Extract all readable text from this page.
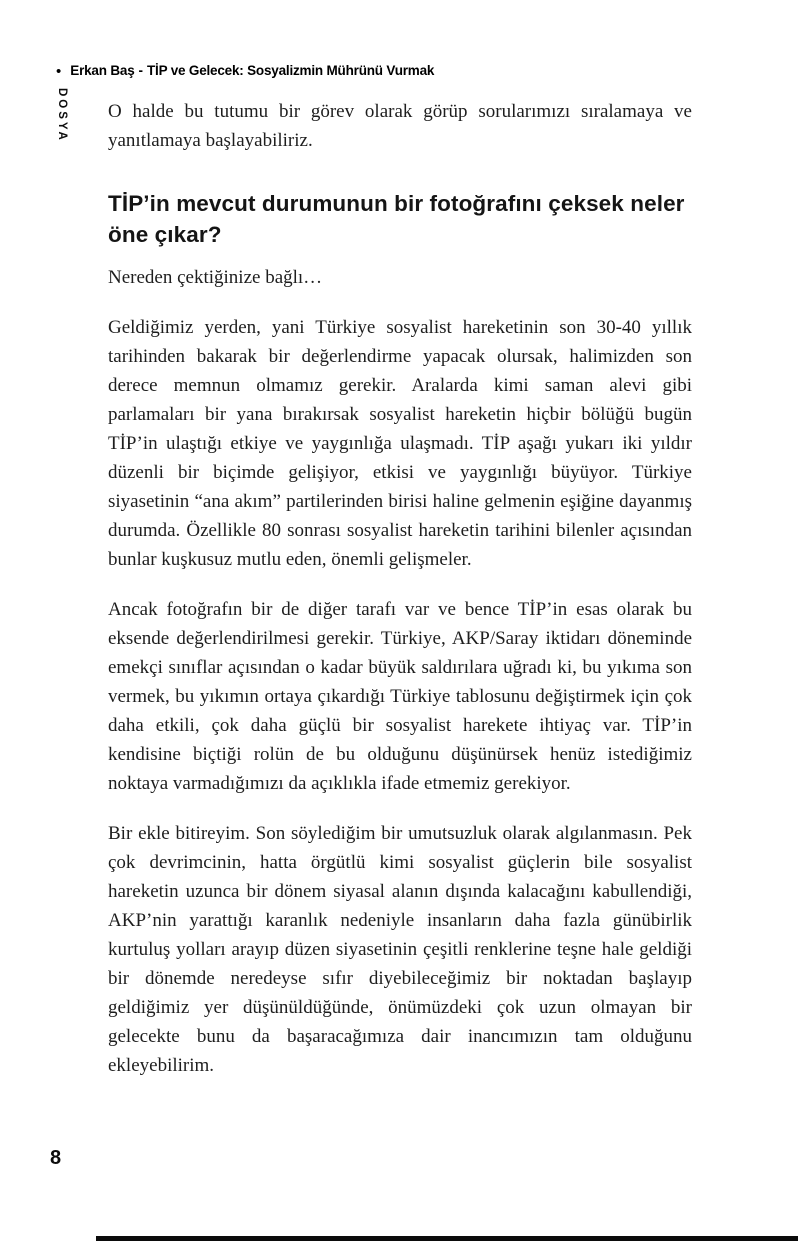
• Erkan Baş - TİP ve Gelecek: Sosyalizmin Mührünü Vurmak
DOSYA O halde bu tutumu bir görev olarak görüp sorularımızı sıralamaya ve yanıtlamaya başlayabiliriz.

TİP’in mevcut durumunun bir fotoğrafını çeksek neler öne çıkar?

Nereden çektiğinize bağlı…

Geldiğimiz yerden, yani Türkiye sosyalist hareketinin son 30-40 yıllık tarihinden bakarak bir değerlendirme yapacak olursak, halimizden son derece memnun olmamız gerekir. Aralarda kimi saman alevi gibi parlamaları bir yana bırakırsak sosyalist hareketin hiçbir bölüğü bugün TİP’in ulaştığı etkiye ve yaygınlığa ulaşmadı. TİP aşağı yukarı iki yıldır düzenli bir biçimde gelişiyor, etkisi ve yaygınlığı büyüyor. Türkiye siyasetinin “ana akım” partilerinden birisi haline gelmenin eşiğine dayanmış durumda. Özellikle 80 sonrası sosyalist hareketin tarihini bilenler açısından bunlar kuşkusuz mutlu eden, önemli gelişmeler.

Ancak fotoğrafın bir de diğer tarafı var ve bence TİP’in esas olarak bu eksende değerlendirilmesi gerekir. Türkiye, AKP/Saray iktidarı döneminde emekçi sınıflar açısından o kadar büyük saldırılara uğradı ki, bu yıkıma son vermek, bu yıkımın ortaya çıkardığı Türkiye tablosunu değiştirmek için çok daha etkili, çok daha güçlü bir sosyalist harekete ihtiyaç var. TİP’in kendisine biçtiği rolün de bu olduğunu düşünürsek henüz istediğimiz noktaya varmadığımızı da açıklıkla ifade etmemiz gerekiyor.

Bir ekle bitireyim. Son söylediğim bir umutsuzluk olarak algılanmasın. Pek çok devrimcinin, hatta örgütlü kimi sosyalist güçlerin bile sosyalist hareketin uzunca bir dönem siyasal alanın dışında kalacağını kabullendiği, AKP’nin yarattığı karanlık nedeniyle insanların daha fazla günübirlik kurtuluş yolları arayıp düzen siyasetinin çeşitli renklerine teşne hale geldiği bir dönemde neredeyse sıfır diyebileceğimiz bir noktadan başlayıp geldiğimiz yer düşünüldüğünde, önümüzdeki çok uzun olmayan bir gelecekte bunu da başaracağımıza dair inancımızın tam olduğunu ekleyebilirim.

8
